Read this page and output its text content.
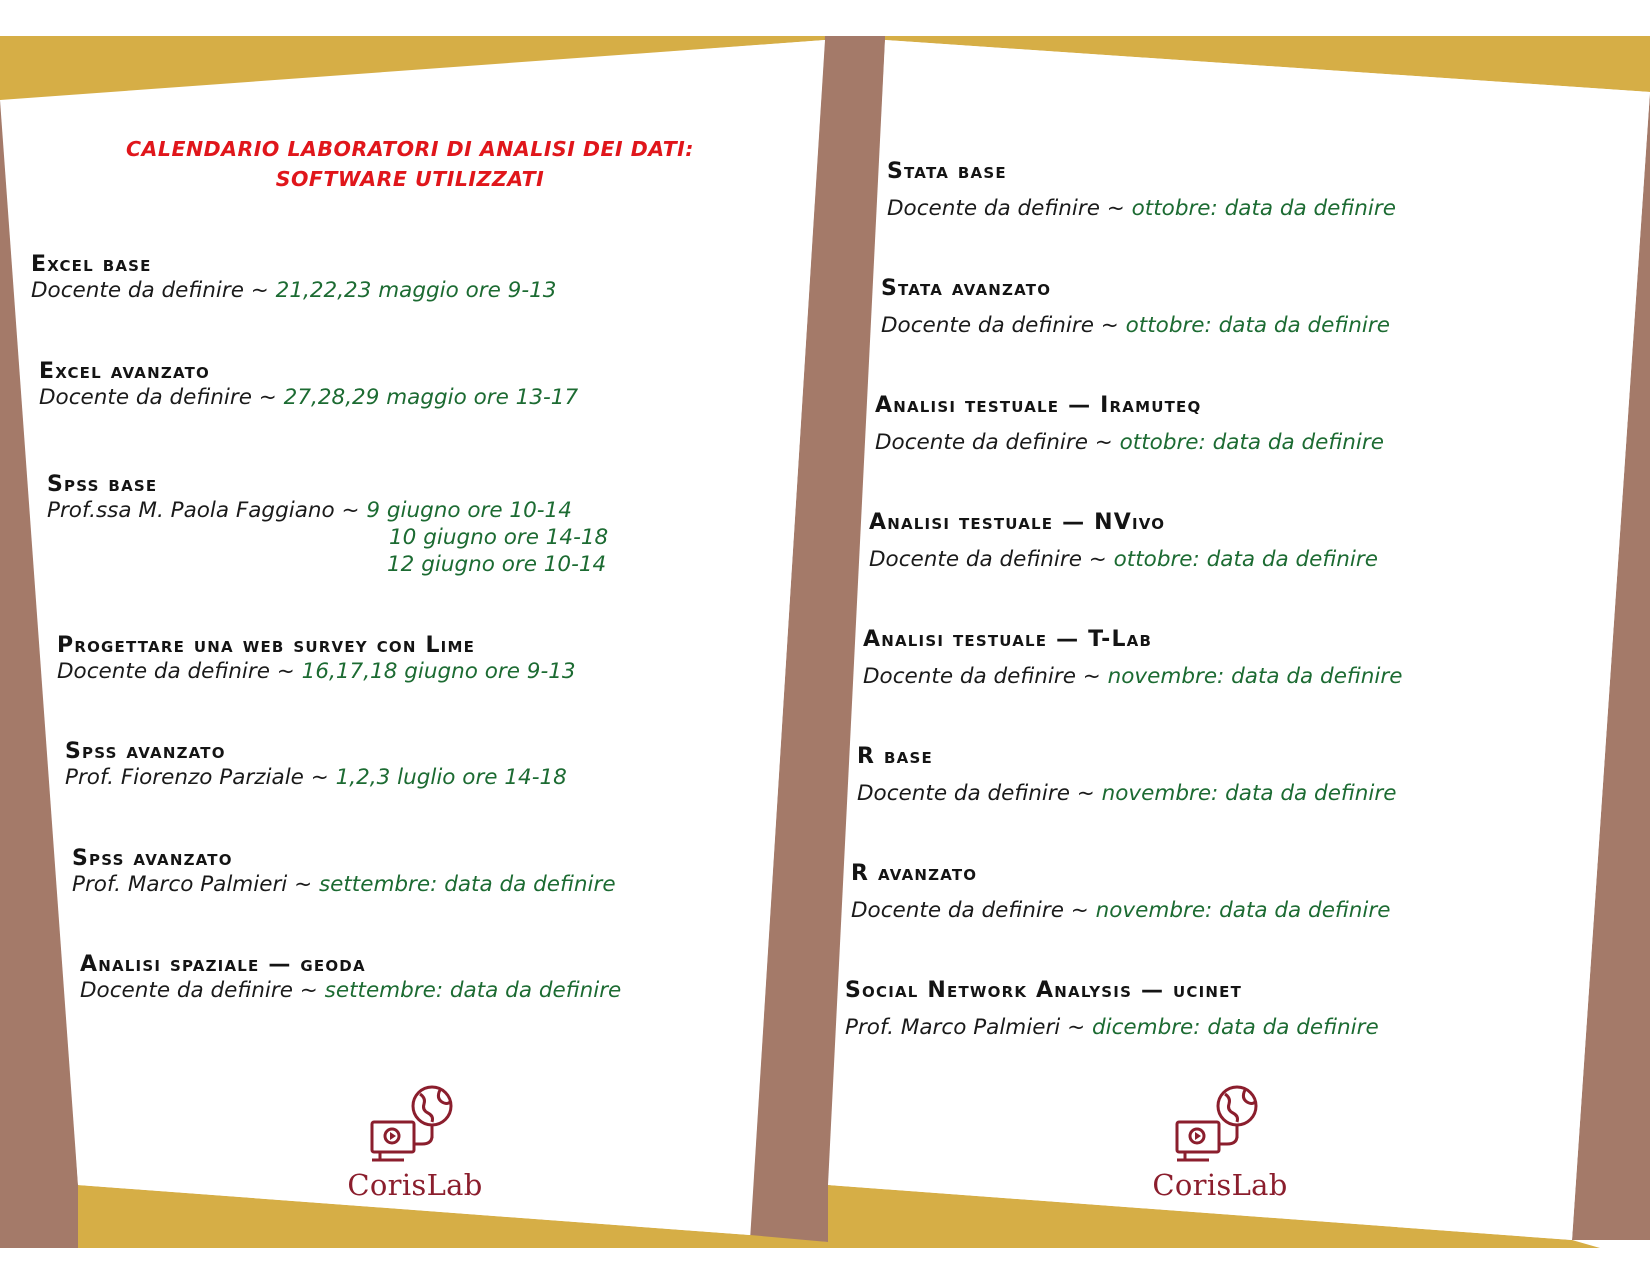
CALENDARIO LABORATORI DI ANALISI DEI DATI:
SOFTWARE UTILIZZATI
Excel base
Docente da definire ~ 21,22,23 maggio ore 9-13
Excel avanzato
Docente da definire ~ 27,28,29 maggio ore 13-17
Spss base
Prof.ssa M. Paola Faggiano ~ 9 giugno ore 10-14
10 giugno ore 14-18
12 giugno ore 10-14
Progettare una web survey con Lime
Docente da definire ~ 16,17,18 giugno ore 9-13
Spss avanzato
Prof. Fiorenzo Parziale ~ 1,2,3 luglio ore 14-18
Spss avanzato
Prof. Marco Palmieri ~ settembre: data da definire
Analisi spaziale — geoda
Docente da definire ~ settembre: data da definire
Stata base
Docente da definire ~ ottobre: data da definire
Stata avanzato
Docente da definire ~ ottobre: data da definire
Analisi testuale — Iramuteq
Docente da definire ~ ottobre: data da definire
Analisi testuale — NVivo
Docente da definire ~ ottobre: data da definire
Analisi testuale — T-Lab
Docente da definire ~ novembre: data da definire
R base
Docente da definire ~ novembre: data da definire
R avanzato
Docente da definire ~ novembre: data da definire
Social Network Analysis — ucinet
Prof. Marco Palmieri ~ dicembre: data da definire
CorisLab	CorisLab
